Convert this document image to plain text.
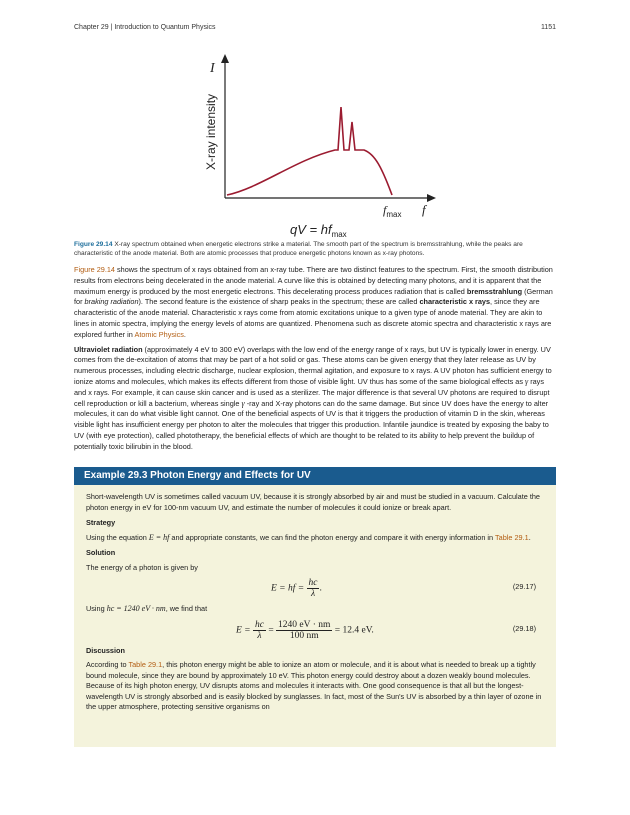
Chapter 29 | Introduction to Quantum Physics	1151
I
X-ray intensity
$f_{max}$ f
qV = $hf_{max}$
Figure 29.14 X-ray spectrum obtained when energetic electrons strike a material. The smooth part of the spectrum is bremsstrahlung, while the peaks are characteristic of the anode material. Both are atomic processes that produce energetic photons known as x-ray photons.

Figure 29.14 shows the spectrum of x rays obtained from an x-ray tube. There are two distinct features to the spectrum. First, the smooth distribution results from electrons being decelerated in the anode material. A curve like this is obtained by detecting many photons, and it is apparent that the maximum energy is produced by the most energetic electrons. This decelerating process produces radiation that is called bremsstrahlung (German for braking radiation). The second feature is the existence of sharp peaks in the spectrum; these are called characteristic x rays, since they are characteristic of the anode material. Characteristic x rays come from atomic excitations unique to a given type of anode material. They are akin to lines in atomic spectra, implying the energy levels of atoms are quantized. Phenomena such as discrete atomic spectra and characteristic x rays are explored further in Atomic Physics.

Ultraviolet radiation (approximately 4 eV to 300 eV) overlaps with the low end of the energy range of x rays, but UV is typically lower in energy. UV comes from the de-excitation of atoms that may be part of a hot solid or gas. These atoms can be given energy that they later release as UV by numerous processes, including electric discharge, nuclear explosion, thermal agitation, and exposure to x rays. A UV photon has sufficient energy to ionize atoms and molecules, which makes its effects different from those of visible light. UV thus has some of the same biological effects as γ rays and x rays. For example, it can cause skin cancer and is used as a sterilizer. The major difference is that several UV photons are required to disrupt cell reproduction or kill a bacterium, whereas single γ -ray and X-ray photons can do the same damage. But since UV does have the energy to alter molecules, it can do what visible light cannot. One of the beneficial aspects of UV is that it triggers the production of vitamin D in the skin, whereas visible light has insufficient energy per photon to alter the molecules that trigger this production. Infantile jaundice is treated by exposing the baby to UV (with eye protection), called phototherapy, the beneficial effects of which are thought to be related to its ability to help prevent the buildup of potentially toxic bilirubin in the blood.

Example 29.3 Photon Energy and Effects for UV

Short-wavelength UV is sometimes called vacuum UV, because it is strongly absorbed by air and must be studied in a vacuum. Calculate the photon energy in eV for 100-nm vacuum UV, and estimate the number of molecules it could ionize or break apart.

Strategy

Using the equation E = hf and appropriate constants, we can find the photon energy and compare it with energy information in Table 29.1.

Solution

The energy of a photon is given by

E = hf = $\frac{hc}{\lambda}$ .	(29.17)

Using hc = 1240 eV · nm, we find that

$E = \frac{hc}{\lambda} = \frac{1240 eV \cdot nm}{100 nm} = 12.4$ eV.	(29.18)

Discussion

According to Table 29.1, this photon energy might be able to ionize an atom or molecule, and it is about what is needed to break up a tightly bound molecule, since they are bound by approximately 10 eV. This photon energy could destroy about a dozen weakly bound molecules. Because of its high photon energy, UV disrupts atoms and molecules it interacts with. One good consequence is that all but the longest-wavelength UV is strongly absorbed and is easily blocked by sunglasses. In fact, most of the Sun's UV is absorbed by a thin layer of ozone in the upper atmosphere, protecting sensitive organisms on
